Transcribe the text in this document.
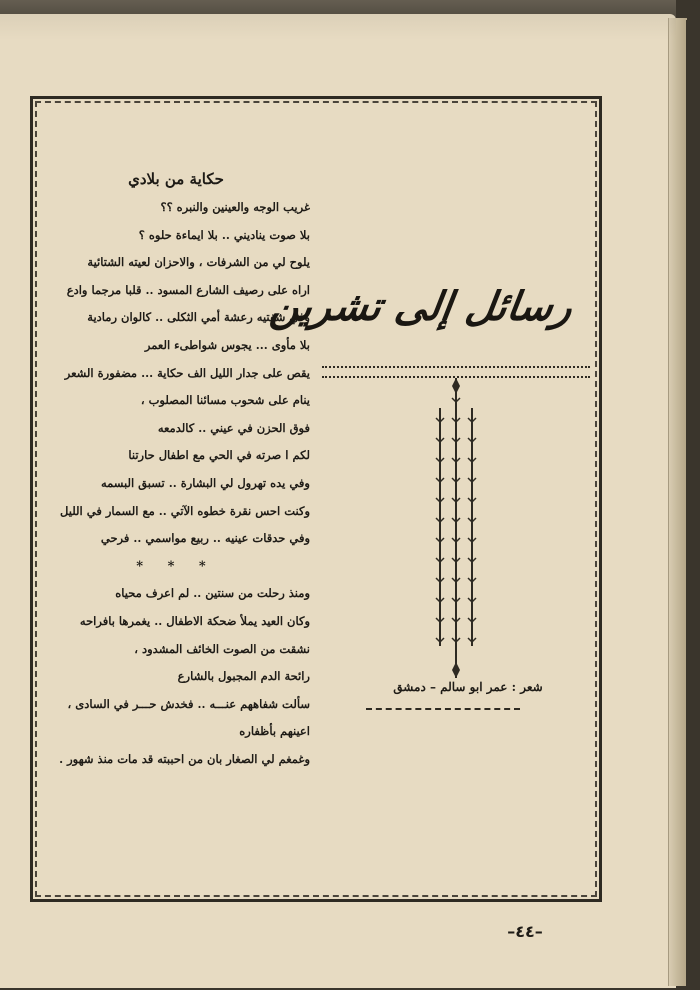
حكاية من بلادي
غريب الوجه والعينين والنبره ؟؟
بلا صوت يناديني .. بلا ايماءة حلوه ؟
يلوح لي من الشرفات ، والاحزان لعيته الشتائية
اراه على رصيف الشارع المسود .. قلبا مرجما وادع
وفي شفتيه رعشة أمي الثكلى .. كالوان رمادية
بلا مأوى ... يجوس شواطىء العمر
يقص على جدار الليل الف حكاية ... مضفورة الشعر
ينام على شحوب مسائنا المصلوب ،
فوق الحزن في عيني .. كالدمعه
لكم ا صرته في الحي مع اطفال حارتنا
وفي يده تهرول لي البشارة .. تسبق البسمه
وكنت احس نقرة خطوه الآتي .. مع السمار في الليل
وفي حدقات عينيه .. ربيع مواسمي .. فرحي
* * *
ومنذ رحلت من سنتين .. لم اعرف محياه
وكان العيد يملأ ضحكة الاطفال .. يغمرها بافراحه
نشقت من الصوت الخائف المشدود ،
رائحة الدم المجبول بالشارع
سألت شفاههم عنـــه .. فخدش حـــر في السادى ،
اعينهم بأظفاره
وغمغم لي الصغار بان من احببته قد مات منذ شهور .
رسائل إلى تشرين
شعر : عمر ابو سالم – دمشق
–٤٤–
